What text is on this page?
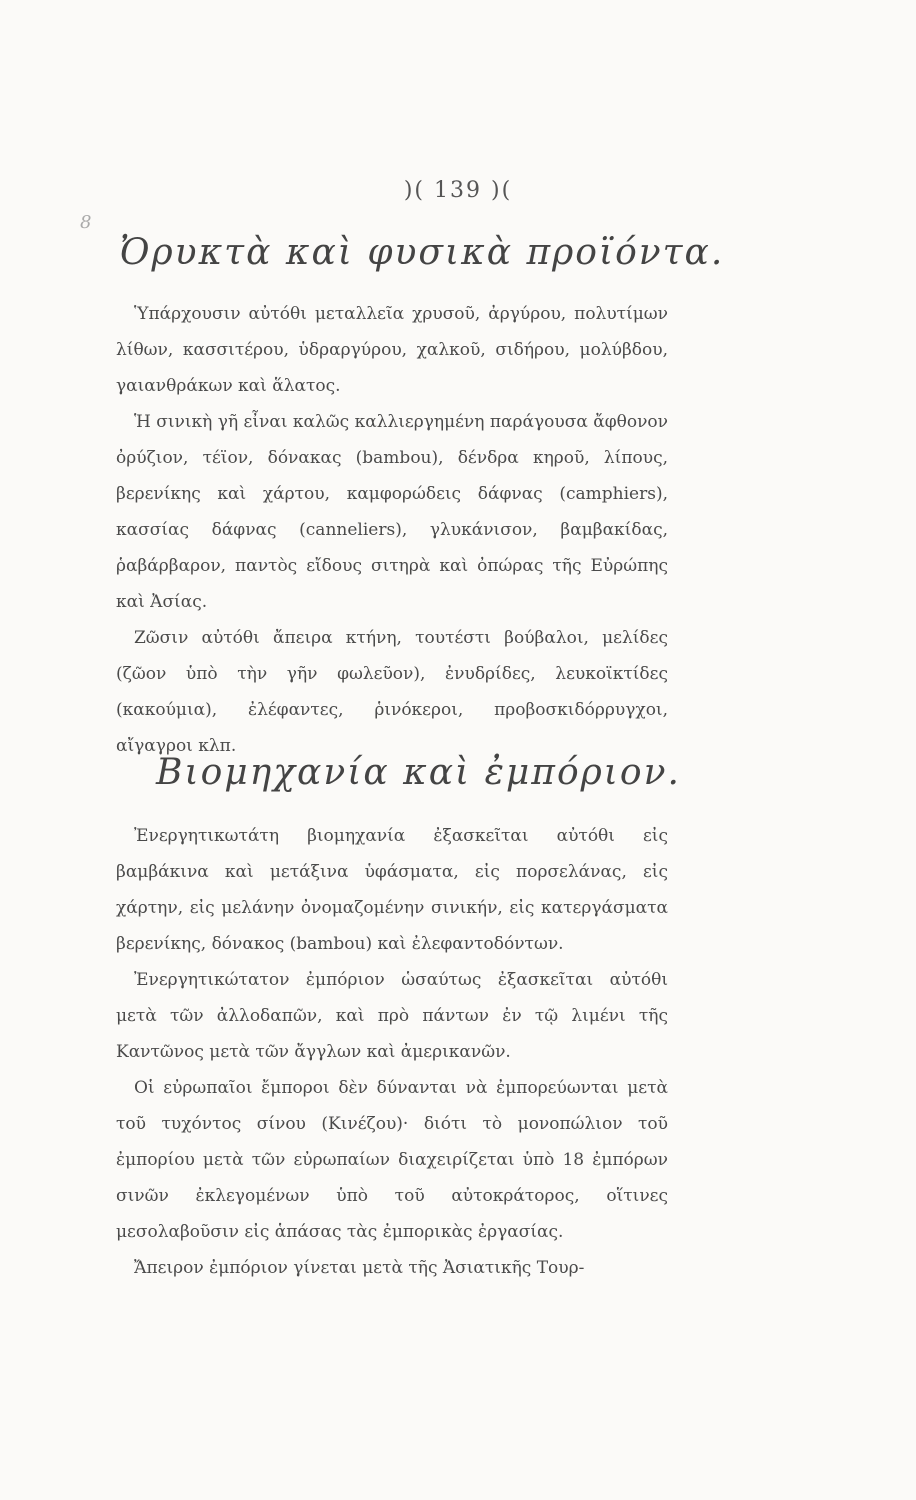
)( 139 )(
8
Ὀρυκτὰ καὶ φυσικὰ προϊόντα.
Ὑπάρχουσιν αὐτόθι μεταλλεῖα χρυσοῦ, ἀργύρου, πολυτίμων λίθων, κασσιτέρου, ὑδραργύρου, χαλκοῦ, σιδήρου, μολύβδου, γαιανθράκων καὶ ἅλατος.
Ἡ σινικὴ γῆ εἶναι καλῶς καλλιεργημένη παράγουσα ἄφθονον ὀρύζιον, τέϊον, δόνακας (bambou), δένδρα κηροῦ, λίπους, βερενίκης καὶ χάρτου, καμφορώδεις δάφνας (camphiers), κασσίας δάφνας (canneliers), γλυκάνισον, βαμβακίδας, ῥαβάρβαρον, παντὸς εἴδους σιτηρὰ καὶ ὀπώρας τῆς Εὐρώπης καὶ Ἀσίας.
Ζῶσιν αὐτόθι ἄπειρα κτήνη, τουτέστι βούβαλοι, μελίδες (ζῶον ὑπὸ τὴν γῆν φωλεῦον), ἐνυδρίδες, λευκοϊκτίδες (κακούμια), ἐλέφαντες, ῥινόκεροι, προβοσκιδόρρυγχοι, αἴγαγροι κλπ.
Βιομηχανία καὶ ἐμπόριον.
Ἐνεργητικωτάτη βιομηχανία ἐξασκεῖται αὐτόθι εἰς βαμβάκινα καὶ μετάξινα ὑφάσματα, εἰς πορσελάνας, εἰς χάρτην, εἰς μελάνην ὀνομαζομένην σινικήν, εἰς κατεργάσματα βερενίκης, δόνακος (bambou) καὶ ἐλεφαντοδόντων.
Ἐνεργητικώτατον ἐμπόριον ὡσαύτως ἐξασκεῖται αὐτόθι μετὰ τῶν ἀλλοδαπῶν, καὶ πρὸ πάντων ἐν τῷ λιμένι τῆς Καντῶνος μετὰ τῶν ἄγγλων καὶ ἀμερικανῶν.
Οἱ εὐρωπαῖοι ἔμποροι δὲν δύνανται νὰ ἐμπορεύωνται μετὰ τοῦ τυχόντος σίνου (Κινέζου)· διότι τὸ μονοπώλιον τοῦ ἐμπορίου μετὰ τῶν εὐρωπαίων διαχειρίζεται ὑπὸ 18 ἐμπόρων σινῶν ἐκλεγομένων ὑπὸ τοῦ αὐτοκράτορος, οἵτινες μεσολαβοῦσιν εἰς ἁπάσας τὰς ἐμπορικὰς ἐργασίας.
Ἄπειρον ἐμπόριον γίνεται μετὰ τῆς Ἀσιατικῆς Τουρ-
